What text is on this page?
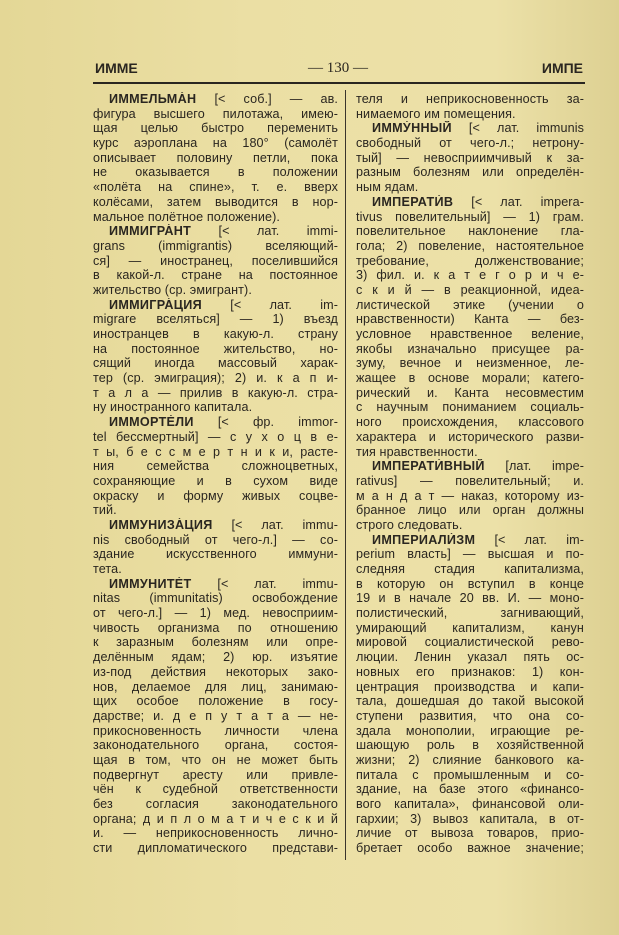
ИММЕ	— 130 —	ИМПЕ
ИММЕЛЬМА́Н [< соб.] — ав.
фигура высшего пилотажа, имею-
щая целью быстро переменить
курс аэроплана на 180° (самолёт
описывает половину петли, пока
не оказывается в положении
«полёта на спине», т. е. вверх
колёсами, затем выводится в нор-
мальное полётное положение).
ИММИГРА́НТ [< лат. immi-
grans (immigrantis) вселяющий-
ся] — иностранец, поселившийся
в какой-л. стране на постоянное
жительство (ср. эмигрант).
ИММИГРА́ЦИЯ [< лат. im-
migrare вселяться] — 1) въезд
иностранцев в какую-л. страну
на постоянное жительство, но-
сящий иногда массовый харак-
тер (ср. эмиграция); 2) и. к а п и-
т а л а — прилив в какую-л. стра-
ну иностранного капитала.
ИММОРТЕ́ЛИ [< фр. immor-
tel бессмертный] — с у х о ц в е-
т ы, б е с с м е р т н и к и, расте-
ния семейства сложноцветных,
сохраняющие и в сухом виде
окраску и форму живых соцве-
тий.
ИММУНИЗА́ЦИЯ [< лат. immu-
nis свободный от чего-л.] — со-
здание искусственного иммуни-
тета.
ИММУНИТЕ́Т [< лат. immu-
nitas (immunitatis) освобождение
от чего-л.] — 1) мед. невосприим-
чивость организма по отношению
к заразным болезням или опре-
делённым ядам; 2) юр. изъятие
из-под действия некоторых зако-
нов, делаемое для лиц, занимаю-
щих особое положение в госу-
дарстве; и. д е п у т а т а — не-
прикосновенность личности члена
законодательного органа, состоя-
щая в том, что он не может быть
подвергнут аресту или привле-
чён к судебной ответственности
без согласия законодательного
органа; д и п л о м а т и ч е с к и й
и. — неприкосновенность лично-
сти дипломатического представи-
теля и неприкосновенность за-
нимаемого им помещения.
ИММУ́ННЫЙ [< лат. immunis
свободный от чего-л.; нетрону-
тый] — невосприимчивый к за-
разным болезням или определён-
ным ядам.
ИМПЕРАТИ́В [< лат. impera-
tivus повелительный] — 1) грам.
повелительное наклонение гла-
гола; 2) повеление, настоятельное
требование, долженствование;
3) фил. и. к а т е г о р и ч е-
с к и й — в реакционной, идеа-
листической этике (учении о
нравственности) Канта — без-
условное нравственное веление,
якобы изначально присущее ра-
зуму, вечное и неизменное, ле-
жащее в основе морали; катего-
рический и. Канта несовместим
с научным пониманием социаль-
ного происхождения, классового
характера и исторического разви-
тия нравственности.
ИМПЕРАТИ́ВНЫЙ [лат. impe-
rativus] — повелительный; и.
м а н д а т — наказ, которому из-
бранное лицо или орган должны
строго следовать.
ИМПЕРИАЛИ́ЗМ [< лат. im-
perium власть] — высшая и по-
следняя стадия капитализма,
в которую он вступил в конце
19 и в начале 20 вв. И. — моно-
полистический, загнивающий,
умирающий капитализм, канун
мировой социалистической рево-
люции. Ленин указал пять ос-
новных его признаков: 1) кон-
центрация производства и капи-
тала, дошедшая до такой высокой
ступени развития, что она со-
здала монополии, играющие ре-
шающую роль в хозяйственной
жизни; 2) слияние банкового ка-
питала с промышленным и со-
здание, на базе этого «финансо-
вого капитала», финансовой оли-
гархии; 3) вывоз капитала, в от-
личие от вывоза товаров, прио-
бретает особо важное значение;
